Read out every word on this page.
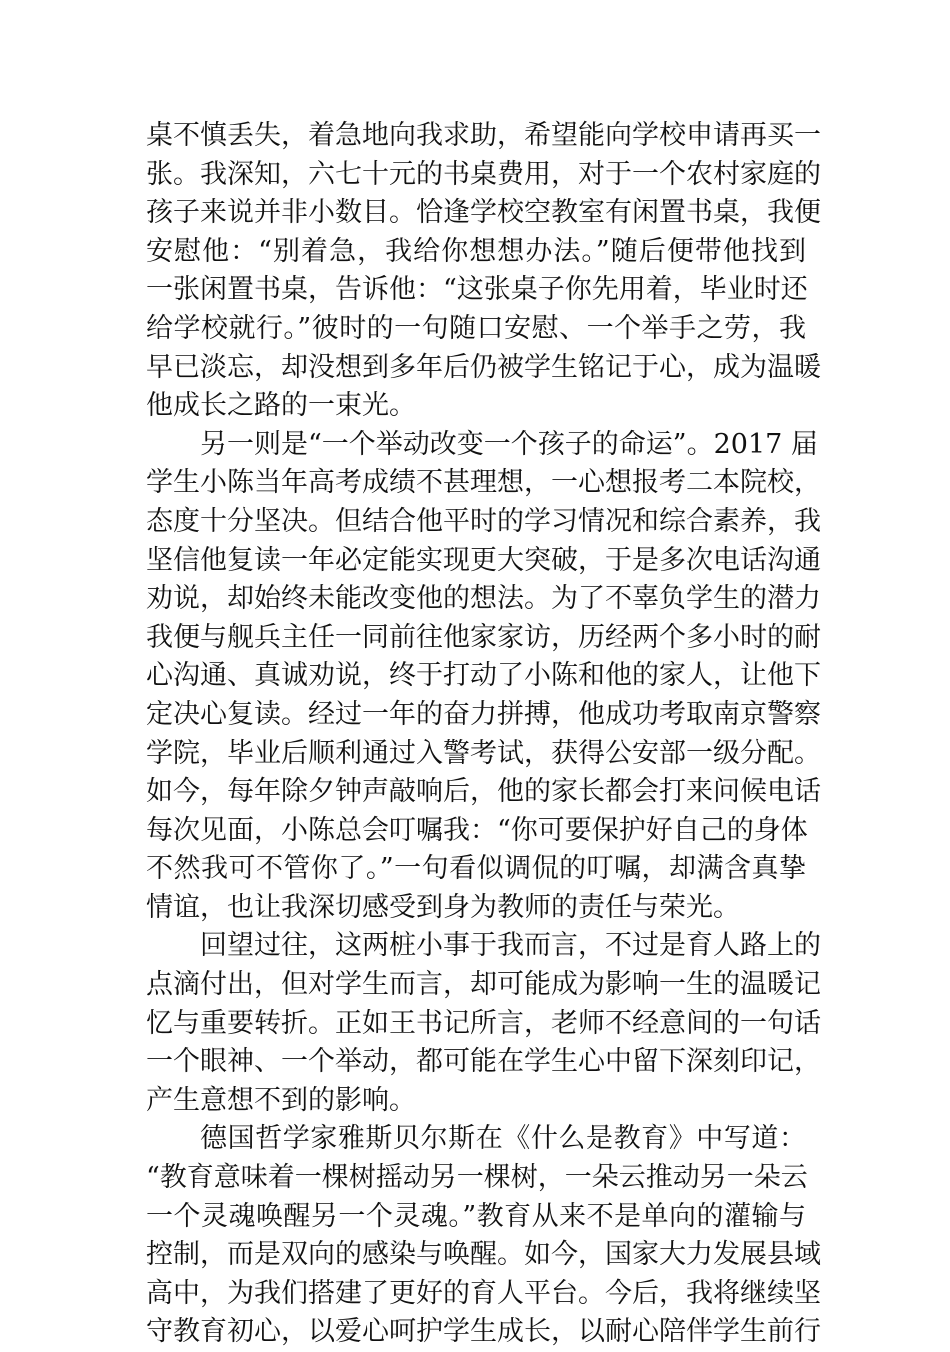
桌不慎丢失，着急地向我求助，希望能向学校申请再买一
张。我深知，六七十元的书桌费用，对于一个农村家庭的
孩子来说并非小数目。恰逢学校空教室有闲置书桌，我便
安慰他：“别着急，我给你想想办法。”随后便带他找到
一张闲置书桌，告诉他：“这张桌子你先用着，毕业时还
给学校就行。”彼时的一句随口安慰、一个举手之劳，我
早已淡忘，却没想到多年后仍被学生铭记于心，成为温暖
他成长之路的一束光。
另一则是“一个举动改变一个孩子的命运”。2017 届
学生小陈当年高考成绩不甚理想，一心想报考二本院校，
态度十分坚决。但结合他平时的学习情况和综合素养，我
坚信他复读一年必定能实现更大突破，于是多次电话沟通
劝说，却始终未能改变他的想法。为了不辜负学生的潜力
我便与舰兵主任一同前往他家家访，历经两个多小时的耐
心沟通、真诚劝说，终于打动了小陈和他的家人，让他下
定决心复读。经过一年的奋力拼搏，他成功考取南京警察
学院，毕业后顺利通过入警考试，获得公安部一级分配。
如今，每年除夕钟声敲响后，他的家长都会打来问候电话
每次见面，小陈总会叮嘱我：“你可要保护好自己的身体
不然我可不管你了。”一句看似调侃的叮嘱，却满含真挚
情谊，也让我深切感受到身为教师的责任与荣光。
回望过往，这两桩小事于我而言，不过是育人路上的
点滴付出，但对学生而言，却可能成为影响一生的温暖记
忆与重要转折。正如王书记所言，老师不经意间的一句话
一个眼神、一个举动，都可能在学生心中留下深刻印记，
产生意想不到的影响。
德国哲学家雅斯贝尔斯在《什么是教育》中写道：
“教育意味着一棵树摇动另一棵树，一朵云推动另一朵云
一个灵魂唤醒另一个灵魂。”教育从来不是单向的灌输与
控制，而是双向的感染与唤醒。如今，国家大力发展县域
高中，为我们搭建了更好的育人平台。今后，我将继续坚
守教育初心，以爱心呵护学生成长，以耐心陪伴学生前行
